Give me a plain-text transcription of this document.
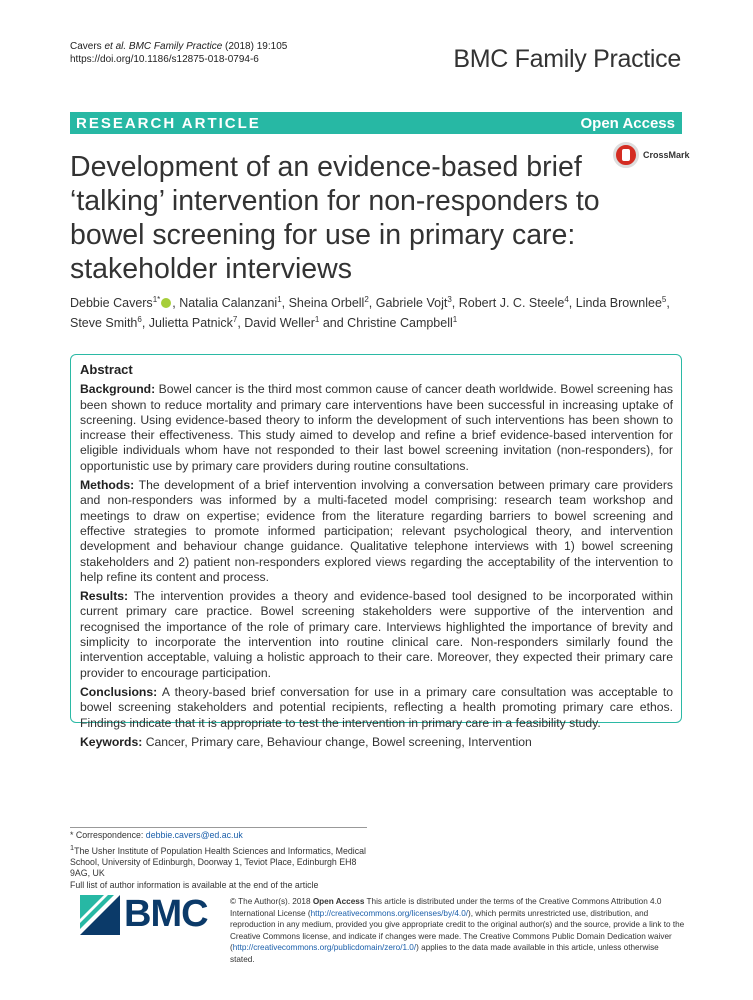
Cavers et al. BMC Family Practice (2018) 19:105
https://doi.org/10.1186/s12875-018-0794-6	BMC Family Practice
RESEARCH ARTICLE	Open Access
Development of an evidence-based brief ‘talking’ intervention for non-responders to bowel screening for use in primary care: stakeholder interviews
CrossMark
Debbie Cavers$^{1*}$ , Natalia Calanzani$^1$, Sheina Orbell$^2$, Gabriele Vojt$^3$, Robert J. C. Steele$^4$, Linda Brownlee$^5$, Steve Smith$^6$, Julietta Patnick$^7$, David Weller$^1$ and Christine Campbell$^1$
Abstract

Background: Bowel cancer is the third most common cause of cancer death worldwide. Bowel screening has been shown to reduce mortality and primary care interventions have been successful in increasing uptake of screening. Using evidence-based theory to inform the development of such interventions has been shown to increase their effectiveness. This study aimed to develop and refine a brief evidence-based intervention for eligible individuals whom have not responded to their last bowel screening invitation (non-responders), for opportunistic use by primary care providers during routine consultations.

Methods: The development of a brief intervention involving a conversation between primary care providers and non-responders was informed by a multi-faceted model comprising: research team workshop and meetings to draw on expertise; evidence from the literature regarding barriers to bowel screening and effective strategies to promote informed participation; relevant psychological theory, and intervention development and behaviour change guidance. Qualitative telephone interviews with 1) bowel screening stakeholders and 2) patient non-responders explored views regarding the acceptability of the intervention to help refine its content and process.

Results: The intervention provides a theory and evidence-based tool designed to be incorporated within current primary care practice. Bowel screening stakeholders were supportive of the intervention and recognised the importance of the role of primary care. Interviews highlighted the importance of brevity and simplicity to incorporate the intervention into routine clinical care. Non-responders similarly found the intervention acceptable, valuing a holistic approach to their care. Moreover, they expected their primary care provider to encourage participation.

Conclusions: A theory-based brief conversation for use in a primary care consultation was acceptable to bowel screening stakeholders and potential recipients, reflecting a health promoting primary care ethos. Findings indicate that it is appropriate to test the intervention in primary care in a feasibility study.

Keywords: Cancer, Primary care, Behaviour change, Bowel screening, Intervention

* Correspondence: debbie.cavers@ed.ac.uk
$^1$The Usher Institute of Population Health Sciences and Informatics, Medical School, University of Edinburgh, Doorway 1, Teviot Place, Edinburgh EH8 9AG, UK
Full list of author information is available at the end of the article
BMC	© The Author(s). 2018 Open Access This article is distributed under the terms of the Creative Commons Attribution 4.0 International License (http://creativecommons.org/licenses/by/4.0/), which permits unrestricted use, distribution, and reproduction in any medium, provided you give appropriate credit to the original author(s) and the source, provide a link to the Creative Commons license, and indicate if changes were made. The Creative Commons Public Domain Dedication waiver (http://creativecommons.org/publicdomain/zero/1.0/) applies to the data made available in this article, unless otherwise stated.
